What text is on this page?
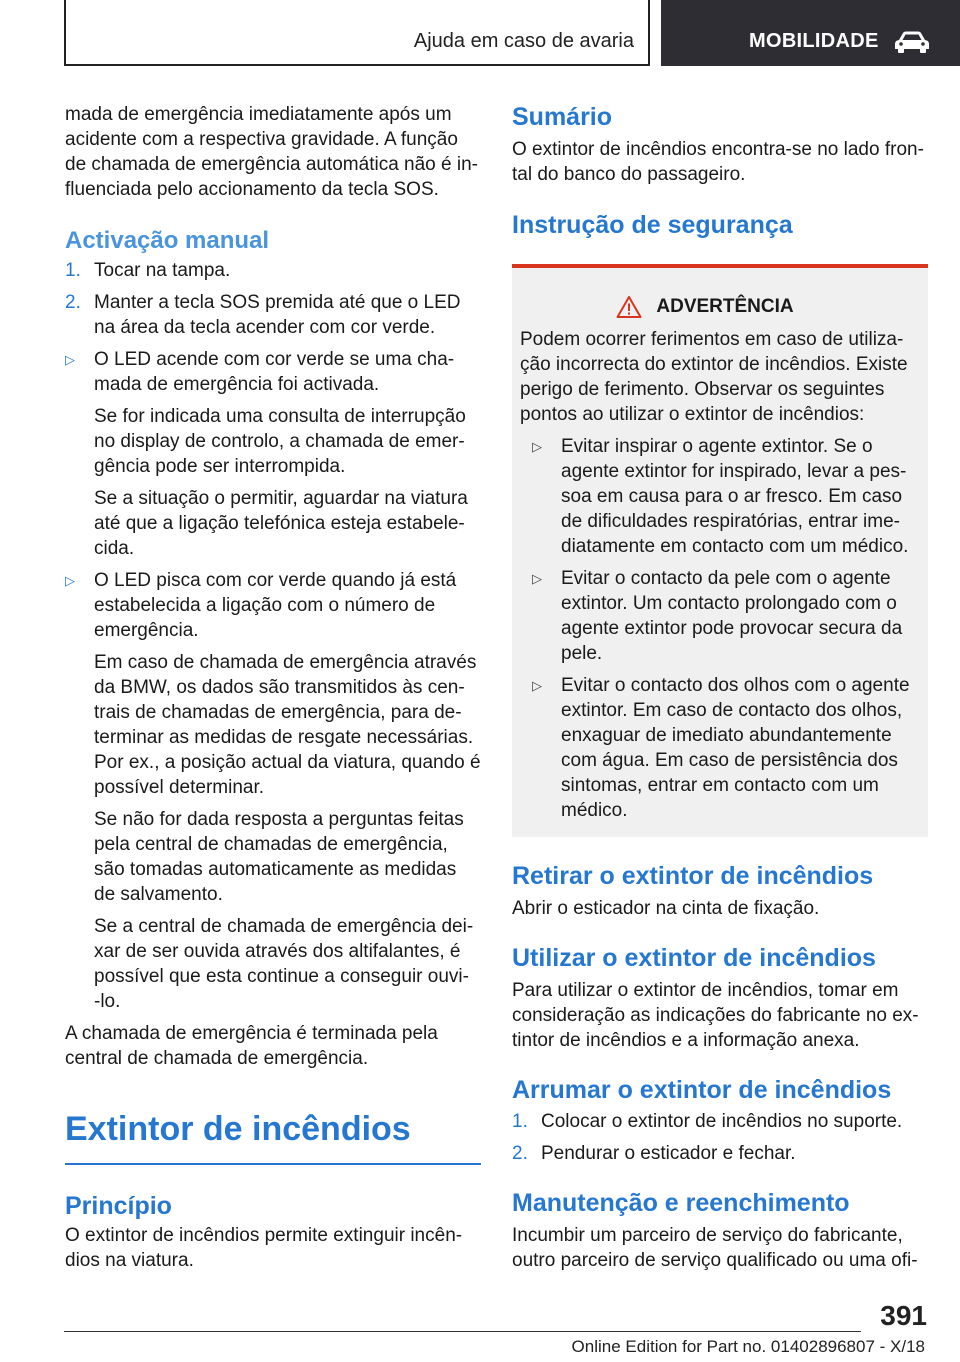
Ajuda em caso de avaria	MOBILIDADE

mada de emergência imediatamente após um

acidente com a respectiva gravidade. A função

de chamada de emergência automática não é in-

fluenciada pelo accionamento da tecla SOS.

Activação manual
1. Tocar na tampa.

2. Manter a tecla SOS premida até que o LED

na área da tecla acender com cor verde.

▷	O LED acende com cor verde se uma cha-

mada de emergência foi activada.

Se for indicada uma consulta de interrupção

no display de controlo, a chamada de emer-

gência pode ser interrompida.

Se a situação o permitir, aguardar na viatura

até que a ligação telefónica esteja estabele-

cida.

▷	O LED pisca com cor verde quando já está

estabelecida a ligação com o número de

emergência.

Em caso de chamada de emergência através

da BMW, os dados são transmitidos às cen-

trais de chamadas de emergência, para de-

terminar as medidas de resgate necessárias.

Por ex., a posição actual da viatura, quando é

possível determinar.

Se não for dada resposta a perguntas feitas

pela central de chamadas de emergência,

são tomadas automaticamente as medidas

de salvamento.

Se a central de chamada de emergência dei-

xar de ser ouvida através dos altifalantes, é

possível que esta continue a conseguir ouvi-

-lo.

A chamada de emergência é terminada pela

central de chamada de emergência.

Extintor de incêndios
Princípio

O extintor de incêndios permite extinguir incên-

dios na viatura.

Sumário

O extintor de incêndios encontra-se no lado fron-

tal do banco do passageiro.

Instrução de segurança
ADVERTÊNCIA

Podem ocorrer ferimentos em caso de utiliza-

ção incorrecta do extintor de incêndios. Existe

perigo de ferimento. Observar os seguintes

pontos ao utilizar o extintor de incêndios:

▷	Evitar inspirar o agente extintor. Se o

agente extintor for inspirado, levar a pes-

soa em causa para o ar fresco. Em caso

de dificuldades respiratórias, entrar ime-

diatamente em contacto com um médico.

▷	Evitar o contacto da pele com o agente

extintor. Um contacto prolongado com o

agente extintor pode provocar secura da

pele.

▷	Evitar o contacto dos olhos com o agente

extintor. Em caso de contacto dos olhos,

enxaguar de imediato abundantemente

com água. Em caso de persistência dos

sintomas, entrar em contacto com um

médico.

Retirar o extintor de incêndios

Abrir o esticador na cinta de fixação.

Utilizar o extintor de incêndios

Para utilizar o extintor de incêndios, tomar em

consideração as indicações do fabricante no ex-

tintor de incêndios e a informação anexa.

Arrumar o extintor de incêndios
1. Colocar o extintor de incêndios no suporte.

2. Pendurar o esticador e fechar.

Manutenção e reenchimento

Incumbir um parceiro de serviço do fabricante,

outro parceiro de serviço qualificado ou uma ofi-

391
Online Edition for Part no. 01402896807 - X/18
